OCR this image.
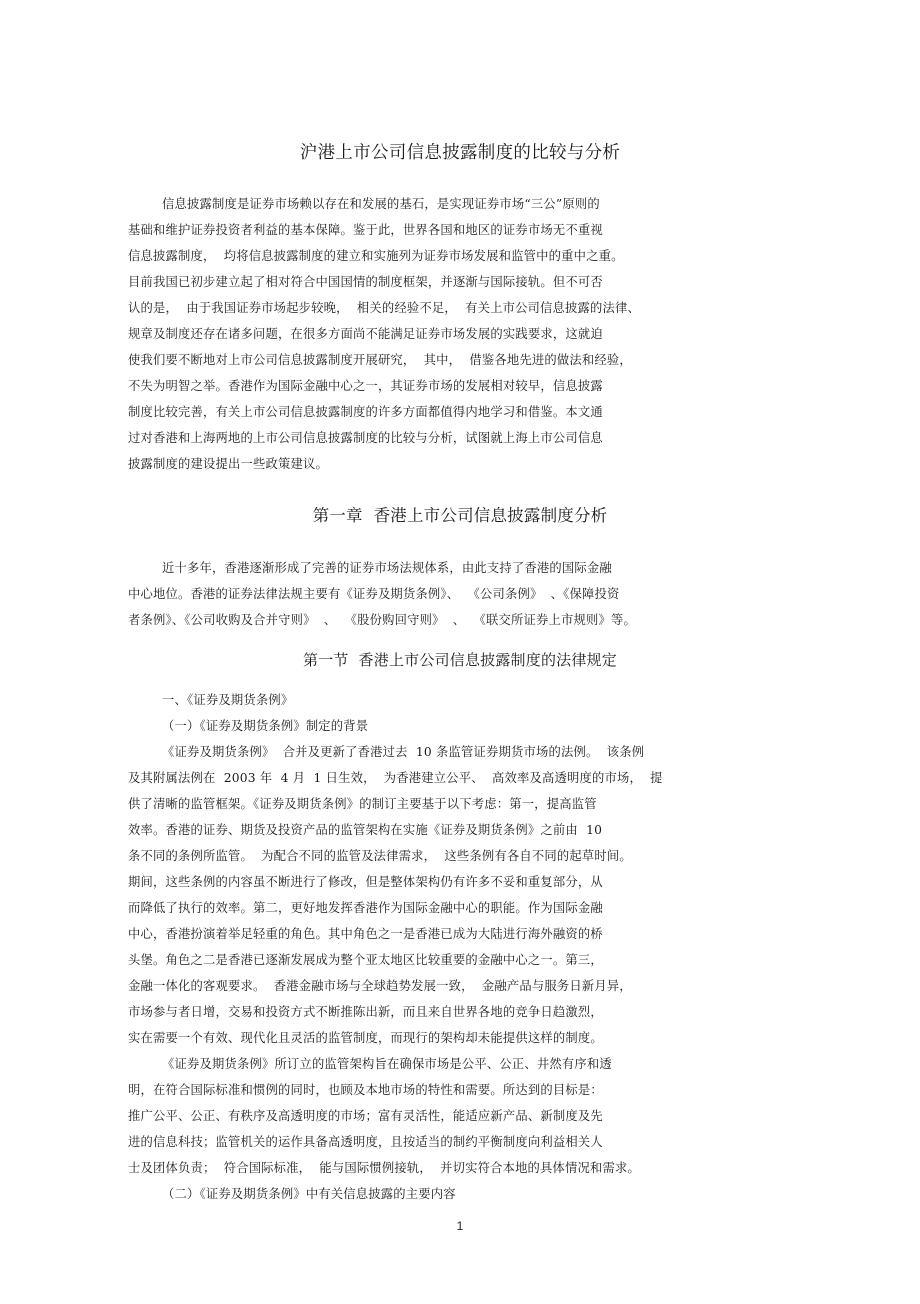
沪港上市公司信息披露制度的比较与分析
信息披露制度是证券市场赖以存在和发展的基石，是实现证券市场“三公”原则的
基础和维护证券投资者利益的基本保障。鉴于此，世界各国和地区的证券市场无不重视
信息披露制度，  均将信息披露制度的建立和实施列为证券市场发展和监管中的重中之重。
目前我国已初步建立起了相对符合中国国情的制度框架，并逐渐与国际接轨。但不可否
认的是，  由于我国证券市场起步较晚，  相关的经验不足，  有关上市公司信息披露的法律、
规章及制度还存在诸多问题，在很多方面尚不能满足证券市场发展的实践要求，这就迫
使我们要不断地对上市公司信息披露制度开展研究，  其中，  借鉴各地先进的做法和经验，
不失为明智之举。香港作为国际金融中心之一，其证券市场的发展相对较早，信息披露
制度比较完善，有关上市公司信息披露制度的许多方面都值得内地学习和借鉴。本文通
过对香港和上海两地的上市公司信息披露制度的比较与分析，试图就上海上市公司信息
披露制度的建设提出一些政策建议。
第一章  香港上市公司信息披露制度分析
近十多年，香港逐渐形成了完善的证券市场法规体系，由此支持了香港的国际金融
中心地位。香港的证券法律法规主要有《证券及期货条例》、  《公司条例》  、《保障投资
者条例》、《公司收购及合并守则》  、  《股份购回守则》  、  《联交所证券上市规则》等。
第一节  香港上市公司信息披露制度的法律规定
一、《证券及期货条例》
（一）《证券及期货条例》制定的背景
《证券及期货条例》  合并及更新了香港过去  10 条监管证券期货市场的法例。  该条例
及其附属法例在  2003 年  4 月  1 日生效，  为香港建立公平、  高效率及高透明度的市场，  提
供了清晰的监管框架。《证券及期货条例》的制订主要基于以下考虑：第一，提高监管
效率。香港的证券、期货及投资产品的监管架构在实施《证券及期货条例》之前由  10
条不同的条例所监管。  为配合不同的监管及法律需求，  这些条例有各自不同的起草时间。
期间，这些条例的内容虽不断进行了修改，但是整体架构仍有许多不妥和重复部分，从
而降低了执行的效率。第二，更好地发挥香港作为国际金融中心的职能。作为国际金融
中心，香港扮演着举足轻重的角色。其中角色之一是香港已成为大陆进行海外融资的桥
头堡。角色之二是香港已逐渐发展成为整个亚太地区比较重要的金融中心之一。第三，
金融一体化的客观要求。  香港金融市场与全球趋势发展一致，  金融产品与服务日新月异，
市场参与者日增，交易和投资方式不断推陈出新，而且来自世界各地的竞争日趋激烈，
实在需要一个有效、现代化且灵活的监管制度，而现行的架构却未能提供这样的制度。
《证券及期货条例》所订立的监管架构旨在确保市场是公平、公正、井然有序和透
明，在符合国际标准和惯例的同时，也顾及本地市场的特性和需要。所达到的目标是：
推广公平、公正、有秩序及高透明度的市场；富有灵活性，能适应新产品、新制度及先
进的信息科技；监管机关的运作具备高透明度，且按适当的制约平衡制度向利益相关人
士及团体负责；  符合国际标准，  能与国际惯例接轨，  并切实符合本地的具体情况和需求。
（二）《证券及期货条例》中有关信息披露的主要内容
1
